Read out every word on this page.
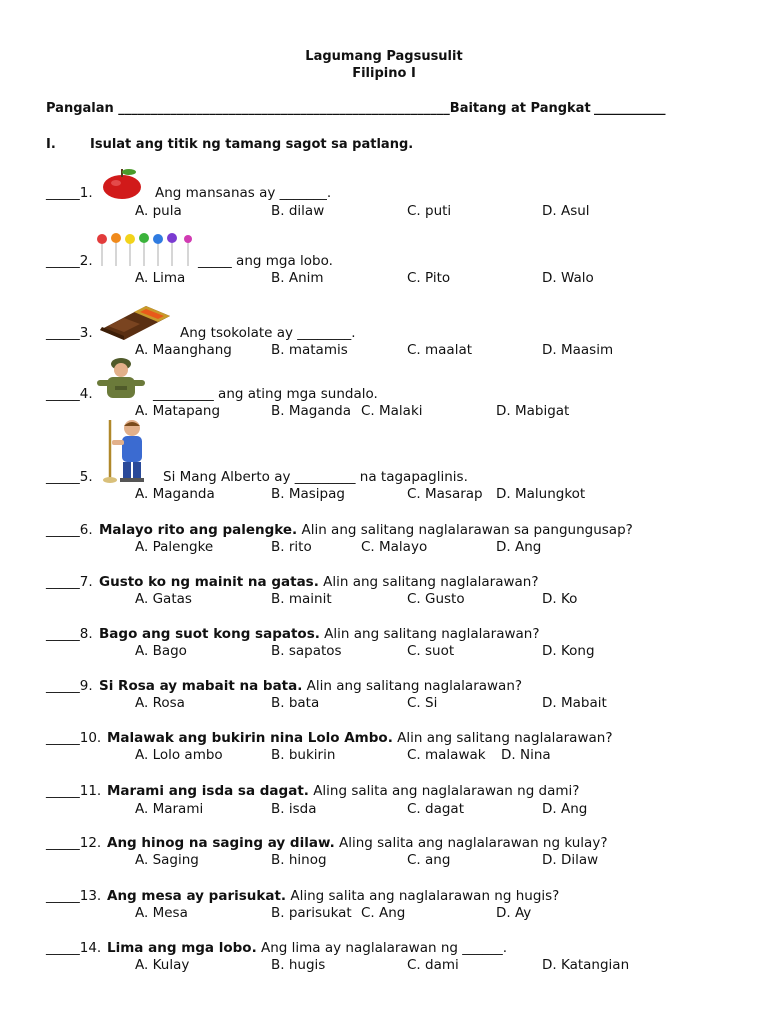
Lagumang Pagsusulit
Filipino I
Pangalan ___________________________________________________Baitang at Pangkat ___________
I.	Isulat ang titik ng tamang sagot sa patlang.
_____1.	Ang mansanas ay _______.
A. pula	B. dilaw	C. puti	D. Asul
_____2.	_____ ang mga lobo.
A. Lima	B. Anim	C. Pito	D. Walo
_____3.	Ang tsokolate ay ________.
A. Maanghang	B. matamis	C. maalat	D. Maasim
_____4.	_________ ang ating mga sundalo.
A. Matapang	B. Maganda C. Malaki	D. Mabigat
_____5.	Si Mang Alberto ay _________ na tagapaglinis.
A. Maganda	B. Masipag	C. Masarap D. Malungkot
_____6. Malayo rito ang palengke. Alin ang salitang naglalarawan sa pangungusap?
A. Palengke	B. rito	C. Malayo	D. Ang
_____7. Gusto ko ng mainit na gatas. Alin ang salitang naglalarawan?
A. Gatas	B. mainit	C. Gusto	D. Ko
_____8. Bago ang suot kong sapatos. Alin ang salitang naglalarawan?
A. Bago	B. sapatos	C. suot	D. Kong
_____9. Si Rosa ay mabait na bata. Alin ang salitang naglalarawan?
A. Rosa	B. bata	C. Si	D. Mabait
_____10. Malawak ang bukirin nina Lolo Ambo. Alin ang salitang naglalarawan?
A. Lolo ambo	B. bukirin	C. malawak D. Nina
_____11. Marami ang isda sa dagat. Aling salita ang naglalarawan ng dami?
A. Marami	B. isda	C. dagat	D. Ang
_____12. Ang hinog na saging ay dilaw. Aling salita ang naglalarawan ng kulay?
A. Saging	B. hinog	C. ang	D. Dilaw
_____13. Ang mesa ay parisukat. Aling salita ang naglalarawan ng hugis?
A. Mesa	B. parisukat C. Ang	D. Ay
_____14. Lima ang mga lobo. Ang lima ay naglalarawan ng ______.
A. Kulay	B. hugis	C. dami	D. Katangian
